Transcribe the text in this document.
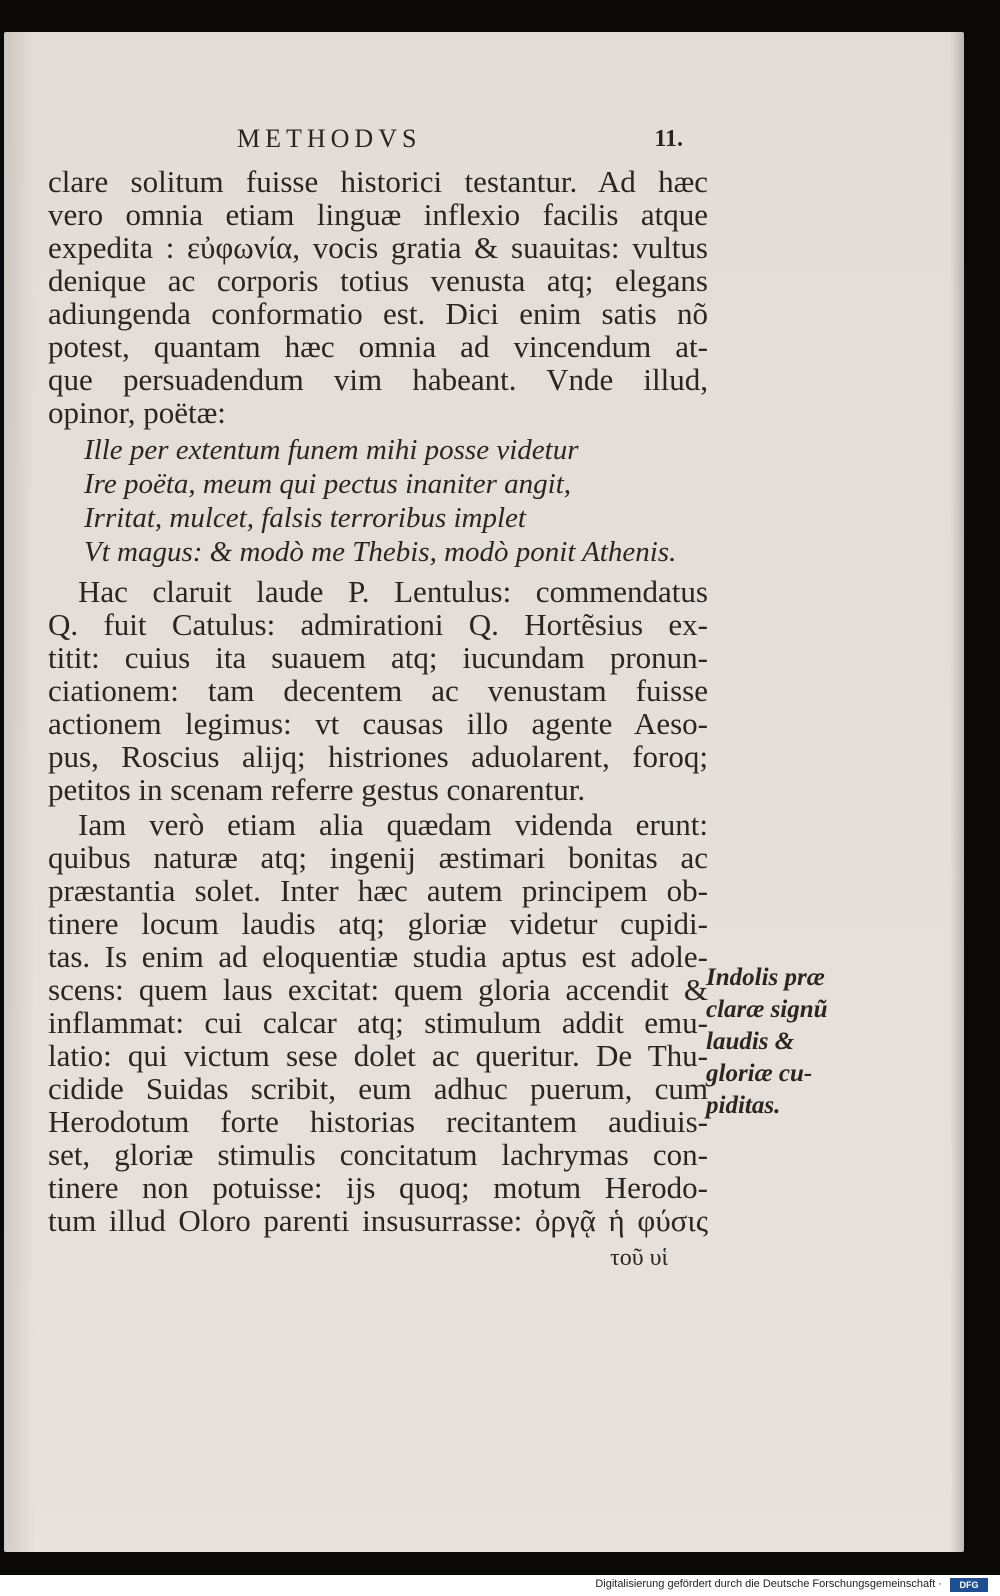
METHODVS	11.
clare solitum fuisse historici testantur. Ad hæc
vero omnia etiam linguæ inflexio facilis atque
expedita : εὐφωνία, vocis gratia & suauitas: vultus
denique ac corporis totius venusta atq; elegans
adiungenda conformatio est. Dici enim satis nõ
potest, quantam hæc omnia ad vincendum at-
que persuadendum vim habeant. Vnde illud,
opinor, poëtæ:
Ille per extentum funem mihi posse videtur
Ire poëta, meum qui pectus inaniter angit,
Irritat, mulcet, falsis terroribus implet
Vt magus: & modò me Thebis, modò ponit Athenis.
Hac claruit laude P. Lentulus: commendatus
Q. fuit Catulus: admirationi Q. Hortẽsius ex-
titit: cuius ita suauem atq; iucundam pronun-
ciationem: tam decentem ac venustam fuisse
actionem legimus: vt causas illo agente Aeso-
pus, Roscius alijq; histriones aduolarent, foroq;
petitos in scenam referre gestus conarentur.
Iam verò etiam alia quædam videnda erunt:
quibus naturæ atq; ingenij æstimari bonitas ac
præstantia solet. Inter hæc autem principem ob-
tinere locum laudis atq; gloriæ videtur cupidi-
tas. Is enim ad eloquentiæ studia aptus est adole-
scens: quem laus excitat: quem gloria accendit &
inflammat: cui calcar atq; stimulum addit emu-
latio: qui victum sese dolet ac queritur. De Thu-
cidide Suidas scribit, eum adhuc puerum, cum
Herodotum forte historias recitantem audiuis-
set, gloriæ stimulis concitatum lachrymas con-
tinere non potuisse: ijs quoq; motum Herodo-
tum illud Oloro parenti insusurrasse: ὀργᾷ ἡ φύσις
τοῦ υἱ
Indolis præ
claræ signũ
laudis &
gloriæ cu-
piditas.
Digitalisierung gefördert durch die Deutsche Forschungsgemeinschaft ·	DFG
